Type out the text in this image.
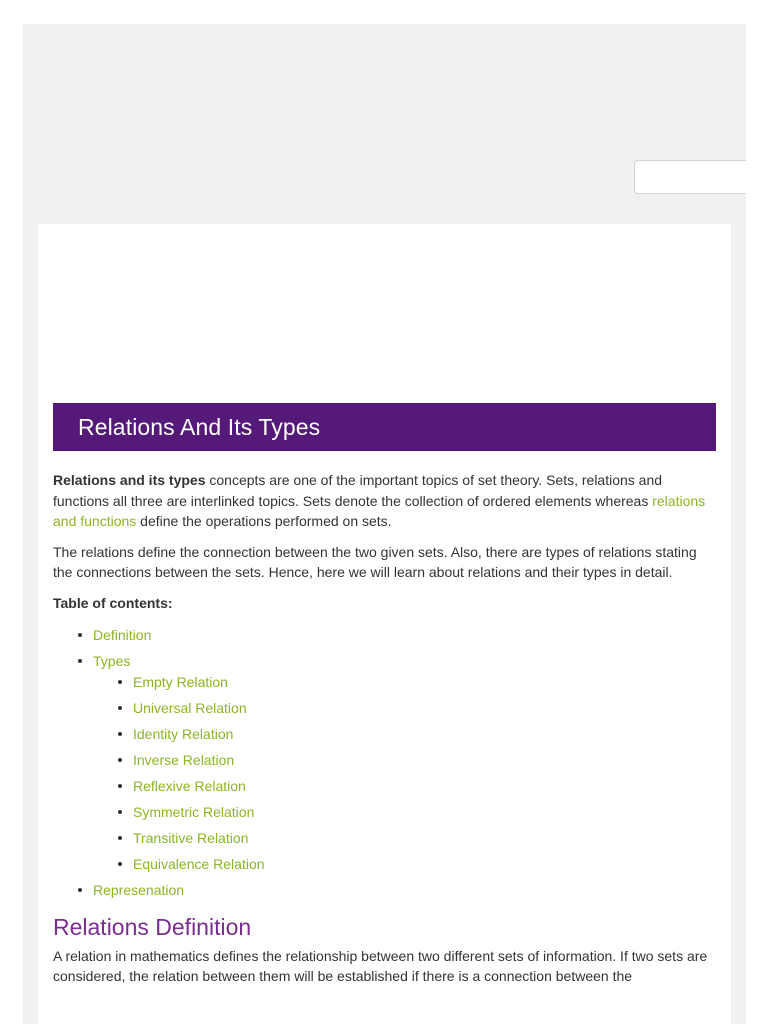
Relations And Its Types

Relations and its types concepts are one of the important topics of set theory. Sets, relations and functions all three are interlinked topics. Sets denote the collection of ordered elements whereas relations and functions define the operations performed on sets.

The relations define the connection between the two given sets. Also, there are types of relations stating the connections between the sets. Hence, here we will learn about relations and their types in detail.

Table of contents:
Definition
Types
Empty Relation
Universal Relation
Identity Relation
Inverse Relation
Reflexive Relation
Symmetric Relation
Transitive Relation
Equivalence Relation
Represenation
Relations Definition

A relation in mathematics defines the relationship between two different sets of information. If two sets are considered, the relation between them will be established if there is a connection between the
